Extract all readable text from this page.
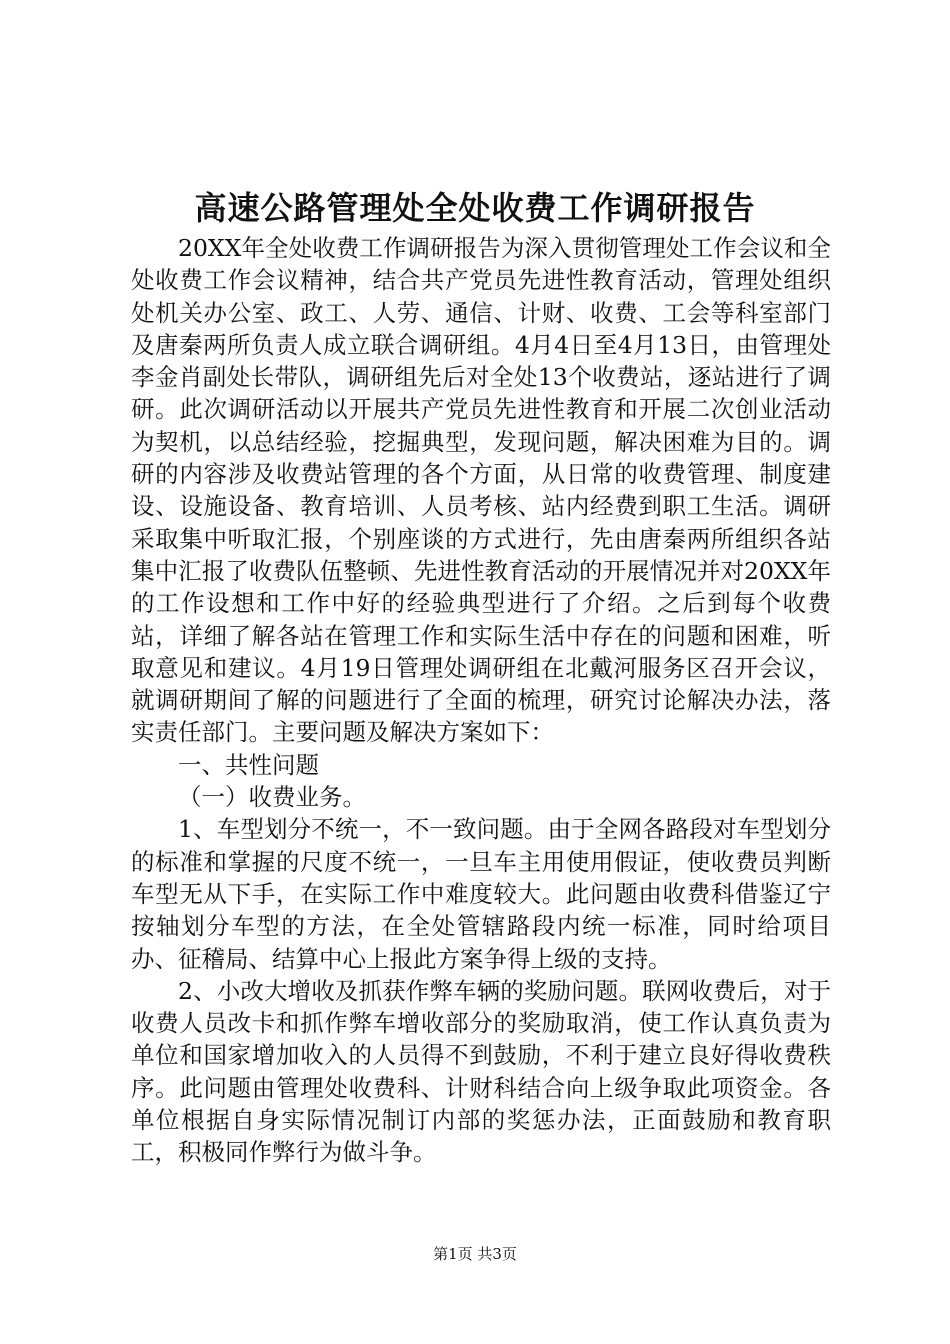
高速公路管理处全处收费工作调研报告

20XX年全处收费工作调研报告为深入贯彻管理处工作会议和全处收费工作会议精神，结合共产党员先进性教育活动，管理处组织处机关办公室、政工、人劳、通信、计财、收费、工会等科室部门及唐秦两所负责人成立联合调研组。4月4日至4月13日，由管理处李金肖副处长带队，调研组先后对全处13个收费站，逐站进行了调研。此次调研活动以开展共产党员先进性教育和开展二次创业活动为契机，以总结经验，挖掘典型，发现问题，解决困难为目的。调研的内容涉及收费站管理的各个方面，从日常的收费管理、制度建设、设施设备、教育培训、人员考核、站内经费到职工生活。调研采取集中听取汇报，个别座谈的方式进行，先由唐秦两所组织各站集中汇报了收费队伍整顿、先进性教育活动的开展情况并对20XX年的工作设想和工作中好的经验典型进行了介绍。之后到每个收费站，详细了解各站在管理工作和实际生活中存在的问题和困难，听取意见和建议。4月19日管理处调研组在北戴河服务区召开会议，就调研期间了解的问题进行了全面的梳理，研究讨论解决办法，落实责任部门。主要问题及解决方案如下：

一、共性问题

（一）收费业务。

1、车型划分不统一，不一致问题。由于全网各路段对车型划分的标准和掌握的尺度不统一，一旦车主用使用假证，使收费员判断车型无从下手，在实际工作中难度较大。此问题由收费科借鉴辽宁按轴划分车型的方法，在全处管辖路段内统一标准，同时给项目办、征稽局、结算中心上报此方案争得上级的支持。

2、小改大增收及抓获作弊车辆的奖励问题。联网收费后，对于收费人员改卡和抓作弊车增收部分的奖励取消，使工作认真负责为单位和国家增加收入的人员得不到鼓励，不利于建立良好得收费秩序。此问题由管理处收费科、计财科结合向上级争取此项资金。各单位根据自身实际情况制订内部的奖惩办法，正面鼓励和教育职工，积极同作弊行为做斗争。

第1页 共3页
